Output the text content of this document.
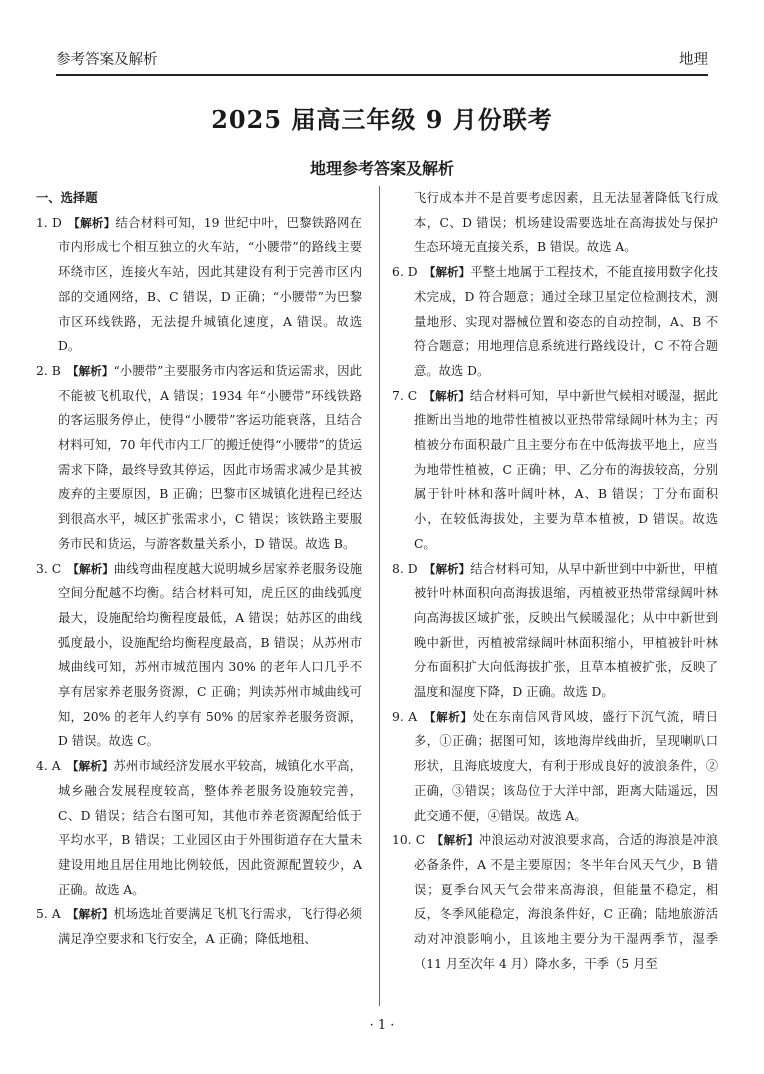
参考答案及解析	地理
2025 届高三年级 9 月份联考
地理参考答案及解析

一、选择题

1. D  【解析】结合材料可知，19 世纪中叶，巴黎铁路网在市内形成七个相互独立的火车站，“小腰带”的路线主要环绕市区，连接火车站，因此其建设有利于完善市区内部的交通网络，B、C 错误，D 正确；“小腰带”为巴黎市区环线铁路，无法提升城镇化速度，A 错误。故选 D。

2. B  【解析】“小腰带”主要服务市内客运和货运需求，因此不能被飞机取代，A 错误；1934 年“小腰带”环线铁路的客运服务停止，使得“小腰带”客运功能衰落，且结合材料可知，70 年代市内工厂的搬迁使得“小腰带”的货运需求下降，最终导致其停运，因此市场需求减少是其被废弃的主要原因，B 正确；巴黎市区城镇化进程已经达到很高水平，城区扩张需求小，C 错误；该铁路主要服务市民和货运，与游客数量关系小，D 错误。故选 B。

3. C  【解析】曲线弯曲程度越大说明城乡居家养老服务设施空间分配越不均衡。结合材料可知，虎丘区的曲线弧度最大，设施配给均衡程度最低，A 错误；姑苏区的曲线弧度最小，设施配给均衡程度最高，B 错误；从苏州市城曲线可知，苏州市城范围内 30% 的老年人口几乎不享有居家养老服务资源，C 正确；判读苏州市城曲线可知，20% 的老年人约享有 50% 的居家养老服务资源，D 错误。故选 C。

4. A  【解析】苏州市域经济发展水平较高，城镇化水平高，城乡融合发展程度较高，整体养老服务设施较完善，C、D 错误；结合右图可知，其他市养老资源配给低于平均水平，B 错误；工业园区由于外围街道存在大量未建设用地且居住用地比例较低，因此资源配置较少，A 正确。故选 A。

5. A  【解析】机场选址首要满足飞机飞行需求，飞行得必须满足净空要求和飞行安全，A 正确；降低地租、

飞行成本并不是首要考虑因素，且无法显著降低飞行成本，C、D 错误；机场建设需要选址在高海拔处与保护生态环境无直接关系，B 错误。故选 A。

6. D  【解析】平整土地属于工程技术，不能直接用数字化技术完成，D 符合题意；通过全球卫星定位检测技术，测量地形、实现对器械位置和姿态的自动控制，A、B 不符合题意；用地理信息系统进行路线设计，C 不符合题意。故选 D。

7. C  【解析】结合材料可知，早中新世气候相对暖湿，据此推断出当地的地带性植被以亚热带常绿阔叶林为主；丙植被分布面积最广且主要分布在中低海拔平地上，应当为地带性植被，C 正确；甲、乙分布的海拔较高，分别属于针叶林和落叶阔叶林，A、B 错误；丁分布面积小，在较低海拔处，主要为草本植被，D 错误。故选 C。

8. D  【解析】结合材料可知，从早中新世到中中新世，甲植被针叶林面积向高海拔退缩，丙植被亚热带常绿阔叶林向高海拔区域扩张，反映出气候暖湿化；从中中新世到晚中新世，丙植被常绿阔叶林面积缩小，甲植被针叶林分布面积扩大向低海拔扩张，且草本植被扩张，反映了温度和湿度下降，D 正确。故选 D。

9. A  【解析】处在东南信风背风坡，盛行下沉气流，晴日多，①正确；据图可知，该地海岸线曲折，呈现喇叭口形状，且海底坡度大，有利于形成良好的波浪条件，②正确，③错误；该岛位于大洋中部，距离大陆遥远，因此交通不便，④错误。故选 A。

10. C  【解析】冲浪运动对波浪要求高，合适的海浪是冲浪必备条件，A 不是主要原因；冬半年台风天气少，B 错误；夏季台风天气会带来高海浪，但能量不稳定，相反，冬季风能稳定，海浪条件好，C 正确；陆地旅游活动对冲浪影响小，且该地主要分为干湿两季节，湿季（11 月至次年 4 月）降水多，干季（5 月至

· 1 ·
